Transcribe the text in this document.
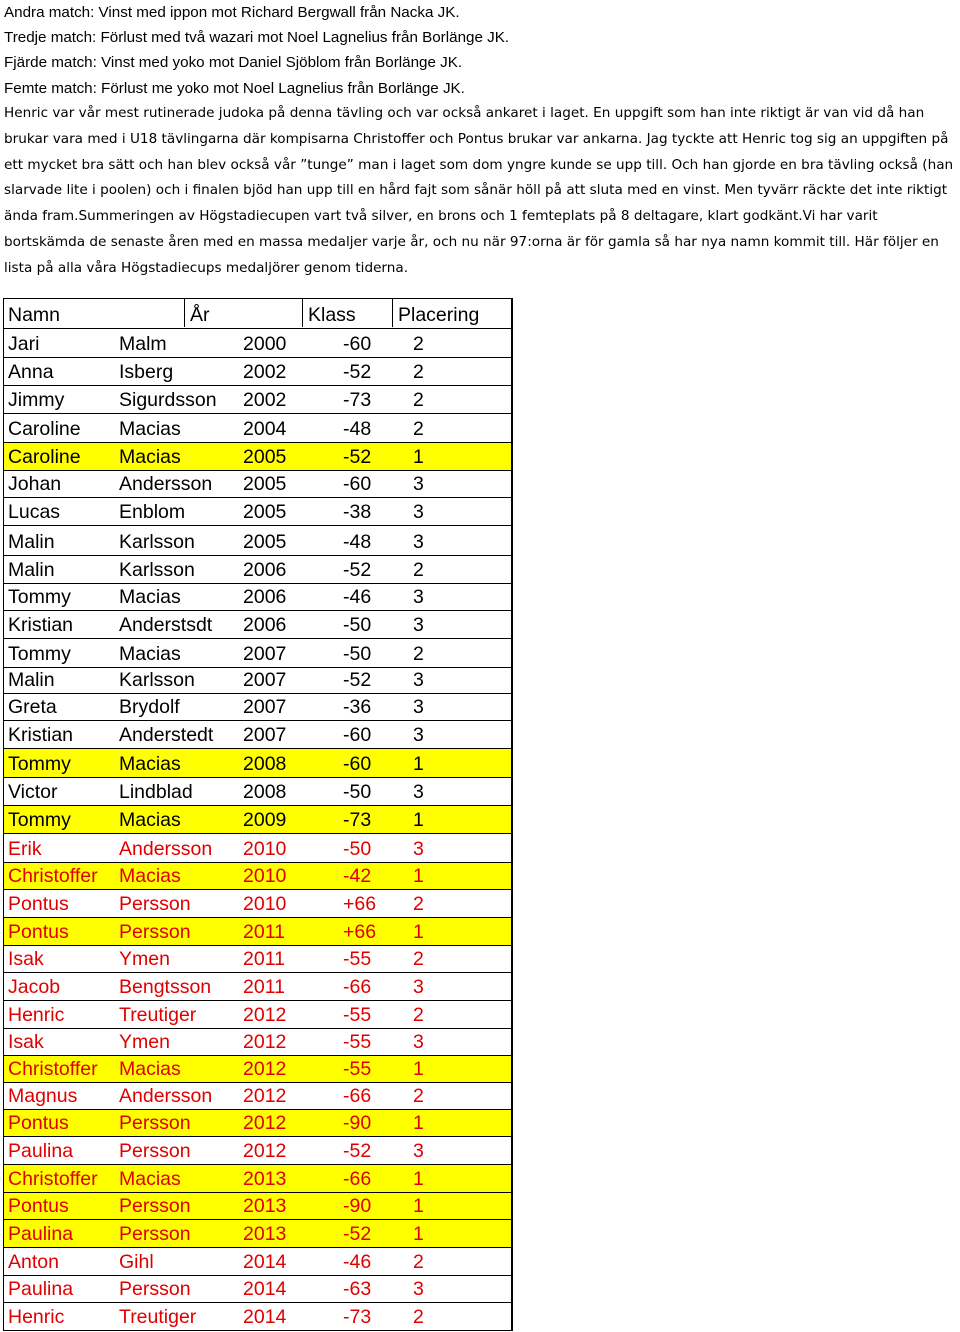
Andra match: Vinst med ippon mot Richard Bergwall från Nacka JK.
Tredje match: Förlust med två wazari mot Noel Lagnelius från Borlänge JK.
Fjärde match: Vinst med yoko mot Daniel Sjöblom från Borlänge JK.
Femte match: Förlust me yoko mot Noel Lagnelius från Borlänge JK.
Henric var vår mest rutinerade judoka på denna tävling och var också ankaret i laget. En uppgift som han inte riktigt är van vid då han brukar vara med i U18 tävlingarna där kompisarna Christoffer och Pontus brukar var ankarna. Jag tyckte att Henric tog sig an uppgiften på ett mycket bra sätt och han blev också vår ”tunge” man i laget som dom yngre kunde se upp till. Och han gjorde en bra tävling också (han slarvade lite i poolen) och i finalen bjöd han upp till en hård fajt som sånär höll på att sluta med en vinst. Men tyvärr räckte det inte riktigt ända fram.Summeringen av Högstadiecupen vart två silver, en brons och 1 femteplats på 8 deltagare, klart godkänt.Vi har varit bortskämda de senaste åren med en massa medaljer varje år, och nu när 97:orna är för gamla så har nya namn kommit till. Här följer en lista på alla våra Högstadiecups medaljörer genom tiderna.
Namn	År	Klass	Placering
Jari	Malm	2000	-60	2
Anna	Isberg	2002	-52	2
Jimmy	Sigurdsson	2002	-73	2
Caroline	Macias	2004	-48	2
Caroline	Macias	2005	-52	1
Johan	Andersson	2005	-60	3
Lucas	Enblom	2005	-38	3
Malin	Karlsson	2005	-48	3
Malin	Karlsson	2006	-52	2
Tommy	Macias	2006	-46	3
Kristian	Anderstsdt	2006	-50	3
Tommy	Macias	2007	-50	2
Malin	Karlsson	2007	-52	3
Greta	Brydolf	2007	-36	3
Kristian	Anderstedt	2007	-60	3
Tommy	Macias	2008	-60	1
Victor	Lindblad	2008	-50	3
Tommy	Macias	2009	-73	1
Erik	Andersson	2010	-50	3
Christoffer	Macias	2010	-42	1
Pontus	Persson	2010	+66	2
Pontus	Persson	2011	+66	1
Isak	Ymen	2011	-55	2
Jacob	Bengtsson	2011	-66	3
Henric	Treutiger	2012	-55	2
Isak	Ymen	2012	-55	3
Christoffer	Macias	2012	-55	1
Magnus	Andersson	2012	-66	2
Pontus	Persson	2012	-90	1
Paulina	Persson	2012	-52	3
Christoffer	Macias	2013	-66	1
Pontus	Persson	2013	-90	1
Paulina	Persson	2013	-52	1
Anton	Gihl	2014	-46	2
Paulina	Persson	2014	-63	3
Henric	Treutiger	2014	-73	2
